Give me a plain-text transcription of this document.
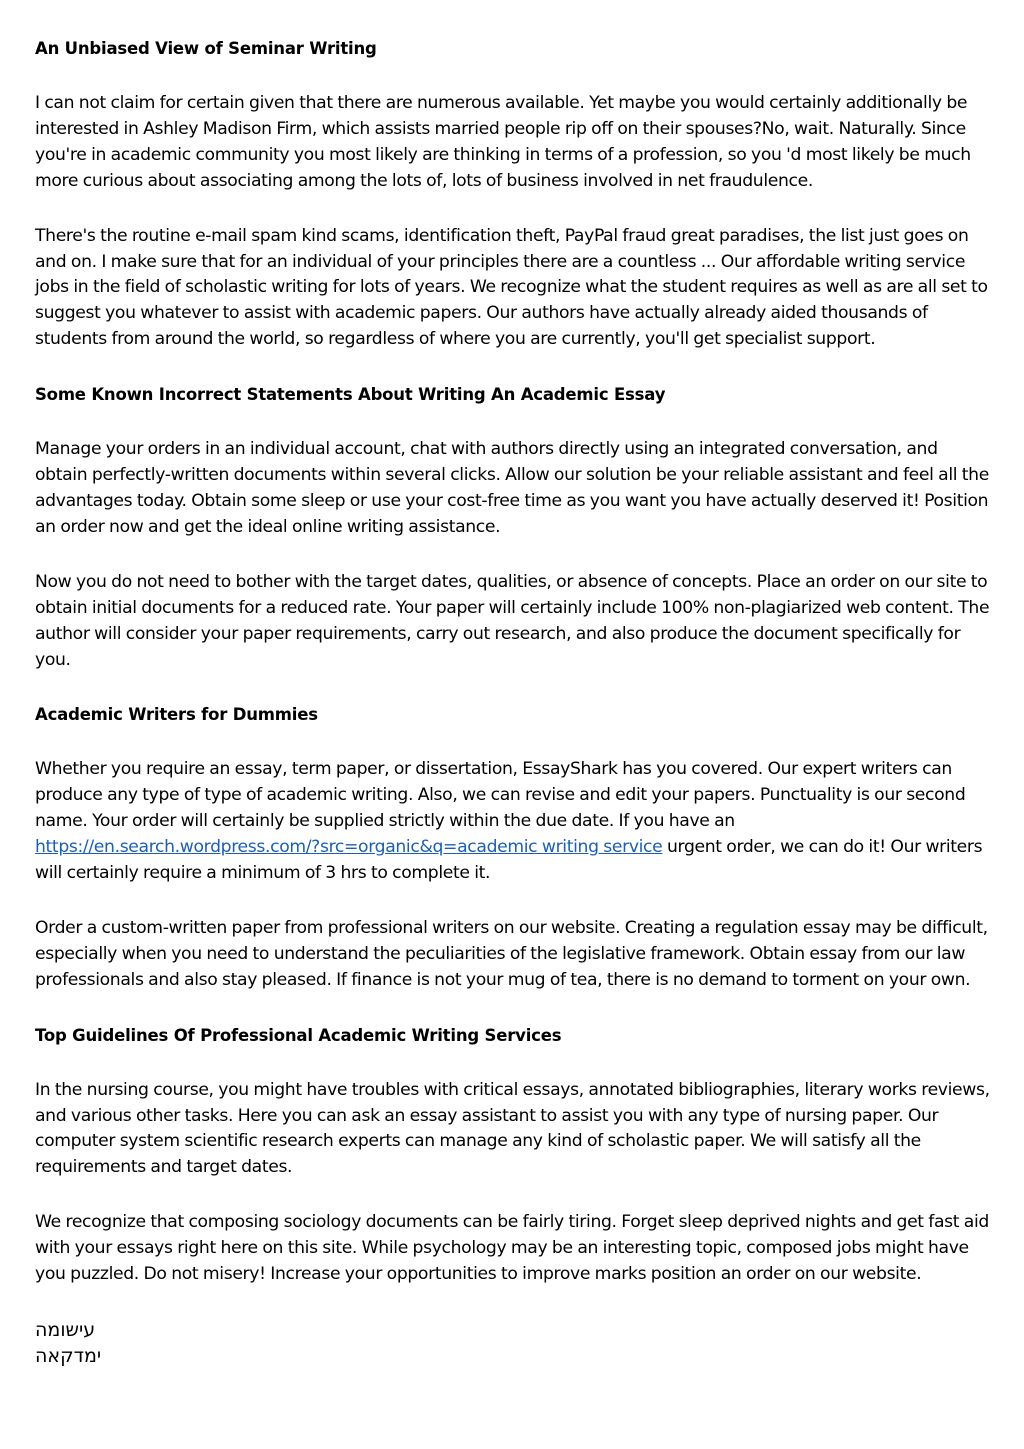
An Unbiased View of Seminar Writing

I can not claim for certain given that there are numerous available. Yet maybe you would certainly additionally be interested in Ashley Madison Firm, which assists married people rip off on their spouses?No, wait. Naturally. Since you're in academic community you most likely are thinking in terms of a profession, so you 'd most likely be much more curious about associating among the lots of, lots of business involved in net fraudulence.

There's the routine e-mail spam kind scams, identification theft, PayPal fraud great paradises, the list just goes on and on. I make sure that for an individual of your principles there are a countless ... Our affordable writing service jobs in the field of scholastic writing for lots of years. We recognize what the student requires as well as are all set to suggest you whatever to assist with academic papers. Our authors have actually already aided thousands of students from around the world, so regardless of where you are currently, you'll get specialist support.

Some Known Incorrect Statements About Writing An Academic Essay

Manage your orders in an individual account, chat with authors directly using an integrated conversation, and obtain perfectly-written documents within several clicks. Allow our solution be your reliable assistant and feel all the advantages today. Obtain some sleep or use your cost-free time as you want you have actually deserved it! Position an order now and get the ideal online writing assistance.

Now you do not need to bother with the target dates, qualities, or absence of concepts. Place an order on our site to obtain initial documents for a reduced rate. Your paper will certainly include 100% non-plagiarized web content. The author will consider your paper requirements, carry out research, and also produce the document specifically for you.

Academic Writers for Dummies

Whether you require an essay, term paper, or dissertation, EssayShark has you covered. Our expert writers can produce any type of type of academic writing. Also, we can revise and edit your papers. Punctuality is our second name. Your order will certainly be supplied strictly within the due date. If you have an https://en.search.wordpress.com/?src=organic&q=academic writing service urgent order, we can do it! Our writers will certainly require a minimum of 3 hrs to complete it.

Order a custom-written paper from professional writers on our website. Creating a regulation essay may be difficult, especially when you need to understand the peculiarities of the legislative framework. Obtain essay from our law professionals and also stay pleased. If finance is not your mug of tea, there is no demand to torment on your own.

Top Guidelines Of Professional Academic Writing Services

In the nursing course, you might have troubles with critical essays, annotated bibliographies, literary works reviews, and various other tasks. Here you can ask an essay assistant to assist you with any type of nursing paper. Our computer system scientific research experts can manage any kind of scholastic paper. We will satisfy all the requirements and target dates.

We recognize that composing sociology documents can be fairly tiring. Forget sleep deprived nights and get fast aid with your essays right here on this site. While psychology may be an interesting topic, composed jobs might have you puzzled. Do not misery! Increase your opportunities to improve marks position an order on our website.

עישומה ימדקאה
